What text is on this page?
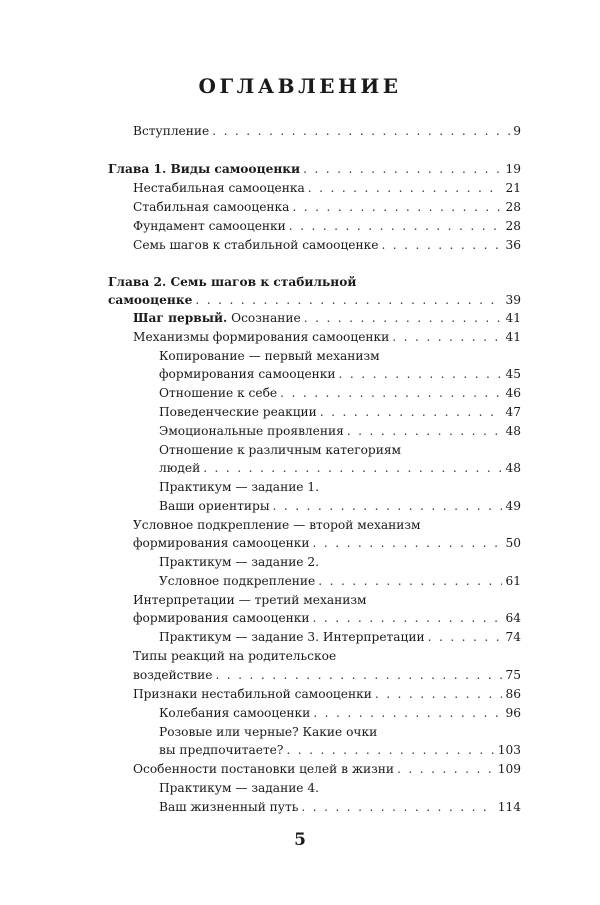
ОГЛАВЛЕНИЕ
Вступление . . .	9
Глава 1. Виды самооценки . . .	19
Нестабильная самооценка . . .	21
Стабильная самооценка . . .	28
Фундамент самооценки . . .	28
Семь шагов к стабильной самооценке . . .	36
Глава 2. Семь шагов к стабильной
самооценке . . .	39
Шаг первый. Осознание . . .	41
Механизмы формирования самооценки . . .	41
Копирование — первый механизм
формирования самооценки . . .	45
Отношение к себе . . .	46
Поведенческие реакции . . .	47
Эмоциональные проявления . . .	48
Отношение к различным категориям
людей . . .	48
Практикум — задание 1.
Ваши ориентиры . . .	49
Условное подкрепление — второй механизм
формирования самооценки . . .	50
Практикум — задание 2.
Условное подкрепление . . .	61
Интерпретации — третий механизм
формирования самооценки . . .	64
Практикум — задание 3. Интерпретации . . .	74
Типы реакций на родительское
воздействие . . .	75
Признаки нестабильной самооценки . . .	86
Колебания самооценки . . .	96
Розовые или черные? Какие очки
вы предпочитаете? . . .	103
Особенности постановки целей в жизни . . .	109
Практикум — задание 4.
Ваш жизненный путь . . .	114
5
